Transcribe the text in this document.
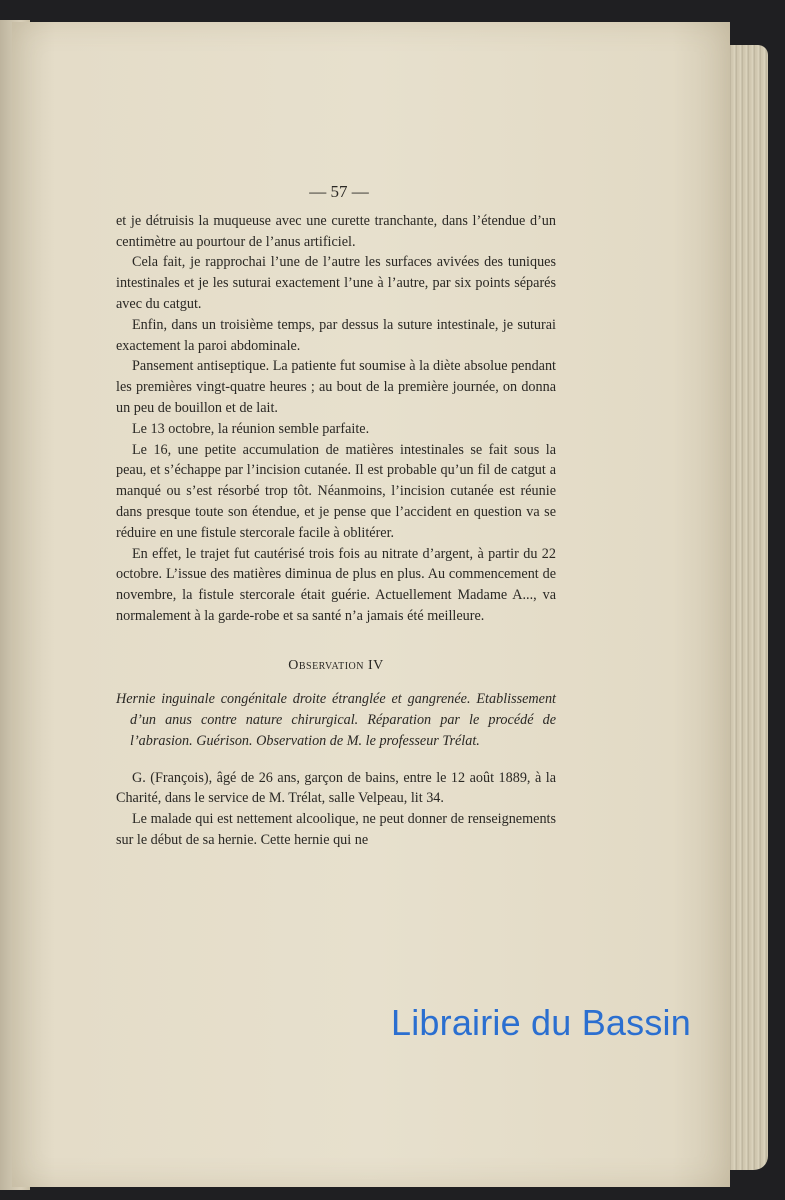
— 57 —

et je détruisis la muqueuse avec une curette tranchante, dans l’étendue d’un centimètre au pourtour de l’anus artificiel.

Cela fait, je rapprochai l’une de l’autre les surfaces avivées des tuniques intestinales et je les suturai exactement l’une à l’autre, par six points séparés avec du catgut.

Enfin, dans un troisième temps, par dessus la suture intestinale, je suturai exactement la paroi abdominale.

Pansement antiseptique. La patiente fut soumise à la diète absolue pendant les premières vingt-quatre heures ; au bout de la première journée, on donna un peu de bouillon et de lait.

Le 13 octobre, la réunion semble parfaite.

Le 16, une petite accumulation de matières intestinales se fait sous la peau, et s’échappe par l’incision cutanée. Il est probable qu’un fil de catgut a manqué ou s’est résorbé trop tôt. Néanmoins, l’incision cutanée est réunie dans presque toute son étendue, et je pense que l’accident en question va se réduire en une fistule stercorale facile à oblitérer.

En effet, le trajet fut cautérisé trois fois au nitrate d’argent, à partir du 22 octobre. L’issue des matières diminua de plus en plus. Au commencement de novembre, la fistule stercorale était guérie. Actuellement Madame A..., va normalement à la garde-robe et sa santé n’a jamais été meilleure.

Observation IV

Hernie inguinale congénitale droite étranglée et gangrenée. Etablissement d’un anus contre nature chirurgical. Réparation par le procédé de l’abrasion. Guérison. Observation de M. le professeur Trélat.

G. (François), âgé de 26 ans, garçon de bains, entre le 12 août 1889, à la Charité, dans le service de M. Trélat, salle Velpeau, lit 34.

Le malade qui est nettement alcoolique, ne peut donner de renseignements sur le début de sa hernie. Cette hernie qui ne

Librairie du Bassin
